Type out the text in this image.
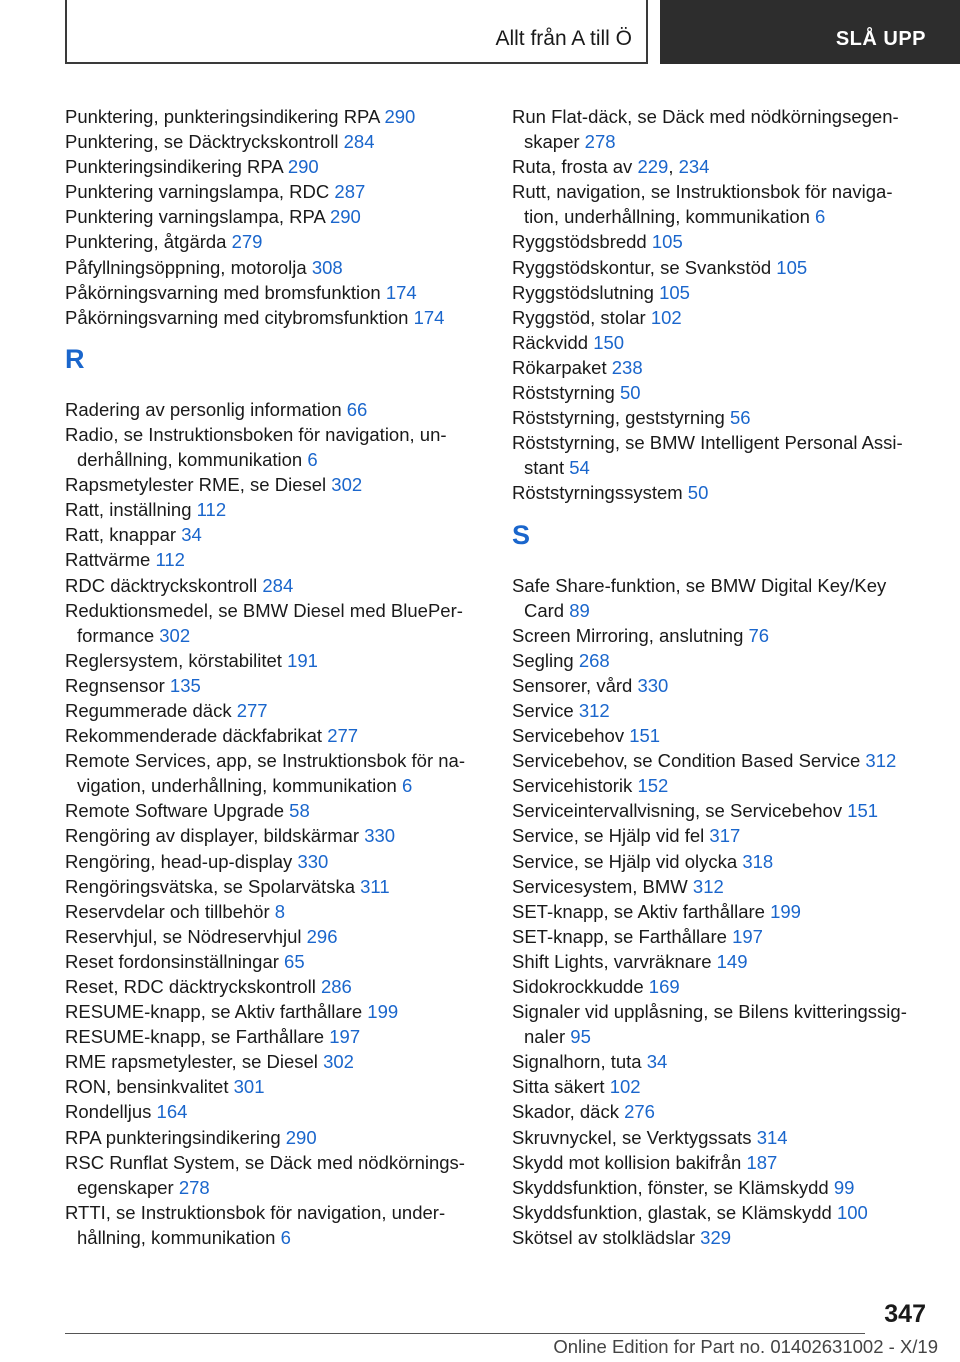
Allt från A till Ö	SLÅ UPP
Punktering, punkteringsindikering RPA 290
Punktering, se Däcktryckskontroll 284
Punkteringsindikering RPA 290
Punktering varningslampa, RDC 287
Punktering varningslampa, RPA 290
Punktering, åtgärda 279
Påfyllningsöppning, motorolja 308
Påkörningsvarning med bromsfunktion 174
Påkörningsvarning med citybromsfunktion 174
R
Radering av personlig information 66
Radio, se Instruktionsboken för navigation, un-
derhållning, kommunikation 6
Rapsmetylester RME, se Diesel 302
Ratt, inställning 112
Ratt, knappar 34
Rattvärme 112
RDC däcktryckskontroll 284
Reduktionsmedel, se BMW Diesel med BluePer-
formance 302
Reglersystem, körstabilitet 191
Regnsensor 135
Regummerade däck 277
Rekommenderade däckfabrikat 277
Remote Services, app, se Instruktionsbok för na-
vigation, underhållning, kommunikation 6
Remote Software Upgrade 58
Rengöring av displayer, bildskärmar 330
Rengöring, head-up-display 330
Rengöringsvätska, se Spolarvätska 311
Reservdelar och tillbehör 8
Reservhjul, se Nödreservhjul 296
Reset fordonsinställningar 65
Reset, RDC däcktryckskontroll 286
RESUME-knapp, se Aktiv farthållare 199
RESUME-knapp, se Farthållare 197
RME rapsmetylester, se Diesel 302
RON, bensinkvalitet 301
Rondelljus 164
RPA punkteringsindikering 290
RSC Runflat System, se Däck med nödkörnings-
egenskaper 278
RTTI, se Instruktionsbok för navigation, under-
hållning, kommunikation 6
Run Flat-däck, se Däck med nödkörningsegen-
skaper 278
Ruta, frosta av 229, 234
Rutt, navigation, se Instruktionsbok för naviga-
tion, underhållning, kommunikation 6
Ryggstödsbredd 105
Ryggstödskontur, se Svankstöd 105
Ryggstödslutning 105
Ryggstöd, stolar 102
Räckvidd 150
Rökarpaket 238
Röststyrning 50
Röststyrning, geststyrning 56
Röststyrning, se BMW Intelligent Personal Assi-
stant 54
Röststyrningssystem 50
S
Safe Share-funktion, se BMW Digital Key/Key
Card 89
Screen Mirroring, anslutning 76
Segling 268
Sensorer, vård 330
Service 312
Servicebehov 151
Servicebehov, se Condition Based Service 312
Servicehistorik 152
Serviceintervallvisning, se Servicebehov 151
Service, se Hjälp vid fel 317
Service, se Hjälp vid olycka 318
Servicesystem, BMW 312
SET-knapp, se Aktiv farthållare 199
SET-knapp, se Farthållare 197
Shift Lights, varvräknare 149
Sidokrockkudde 169
Signaler vid upplåsning, se Bilens kvitteringssig-
naler 95
Signalhorn, tuta 34
Sitta säkert 102
Skador, däck 276
Skruvnyckel, se Verktygssats 314
Skydd mot kollision bakifrån 187
Skyddsfunktion, fönster, se Klämskydd 99
Skyddsfunktion, glastak, se Klämskydd 100
Skötsel av stolklädslar 329
347
Online Edition for Part no. 01402631002 - X/19
